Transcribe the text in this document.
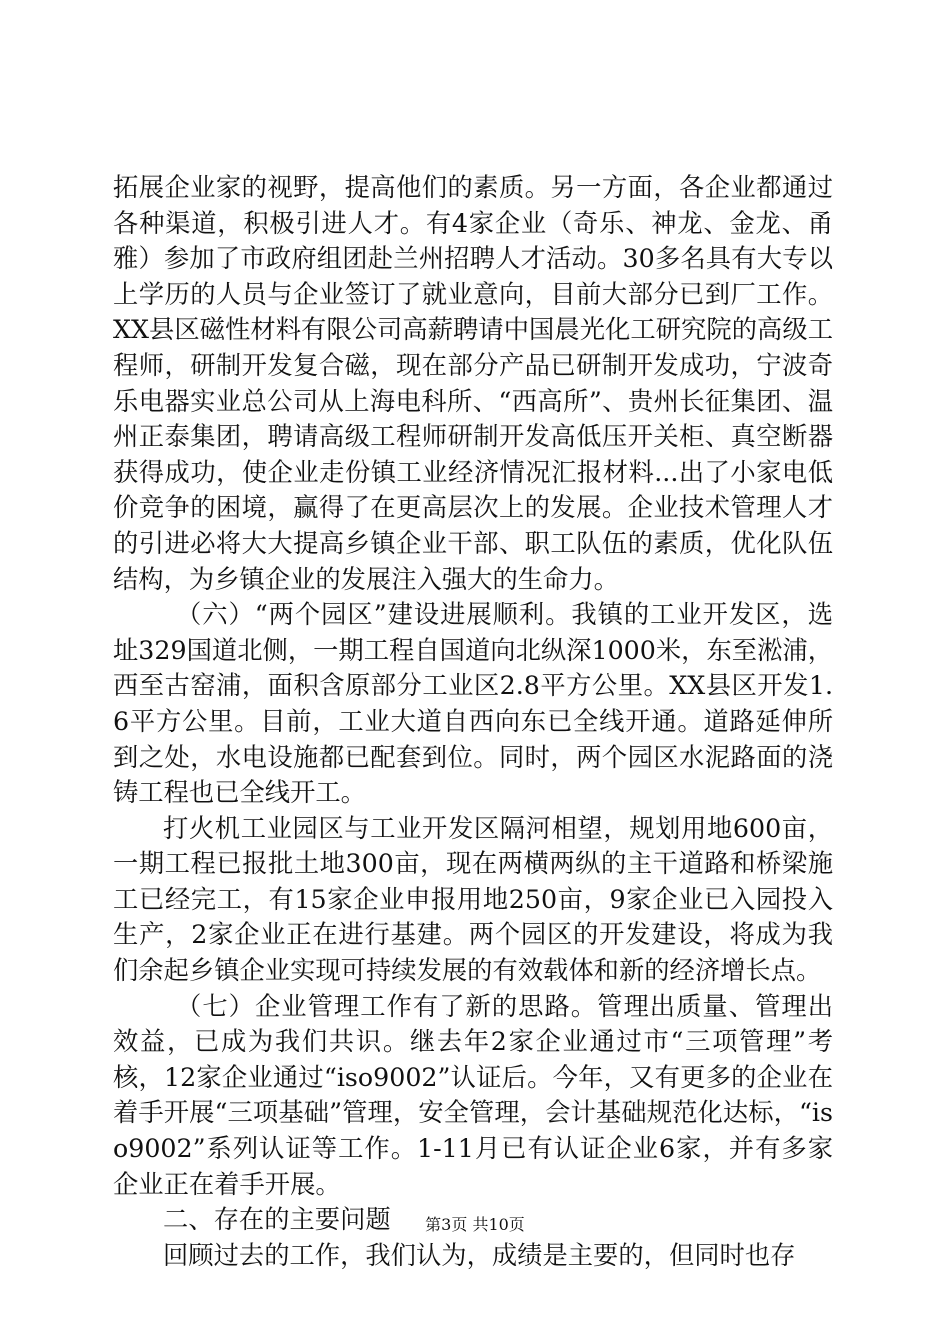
拓展企业家的视野，提高他们的素质。另一方面，各企业都通过各种渠道，积极引进人才。有4家企业（奇乐、神龙、金龙、甬雅）参加了市政府组团赴兰州招聘人才活动。30多名具有大专以上学历的人员与企业签订了就业意向，目前大部分已到厂工作。XX县区磁性材料有限公司高薪聘请中国晨光化工研究院的高级工程师，研制开发复合磁，现在部分产品已研制开发成功，宁波奇乐电器实业总公司从上海电科所、“西高所”、贵州长征集团、温州正泰集团，聘请高级工程师研制开发高低压开关柜、真空断器获得成功，使企业走份镇工业经济情况汇报材料...出了小家电低价竞争的困境，赢得了在更高层次上的发展。企业技术管理人才的引进必将大大提高乡镇企业干部、职工队伍的素质，优化队伍结构，为乡镇企业的发展注入强大的生命力。

（六）“两个园区”建设进展顺利。我镇的工业开发区，选址329国道北侧，一期工程自国道向北纵深1000米，东至淞浦，西至古窑浦，面积含原部分工业区2.8平方公里。XX县区开发1.6平方公里。目前，工业大道自西向东已全线开通。道路延伸所到之处，水电设施都已配套到位。同时，两个园区水泥路面的浇铸工程也已全线开工。

打火机工业园区与工业开发区隔河相望，规划用地600亩，一期工程已报批土地300亩，现在两横两纵的主干道路和桥梁施工已经完工，有15家企业申报用地250亩，9家企业已入园投入生产，2家企业正在进行基建。两个园区的开发建设，将成为我们余起乡镇企业实现可持续发展的有效载体和新的经济增长点。

（七）企业管理工作有了新的思路。管理出质量、管理出效益，已成为我们共识。继去年2家企业通过市“三项管理”考核，12家企业通过“iso9002”认证后。今年，又有更多的企业在着手开展“三项基础”管理，安全管理，会计基础规范化达标，“iso9002”系列认证等工作。1-11月已有认证企业6家，并有多家企业正在着手开展。

二、存在的主要问题

回顾过去的工作，我们认为，成绩是主要的，但同时也存

第3页 共10页
